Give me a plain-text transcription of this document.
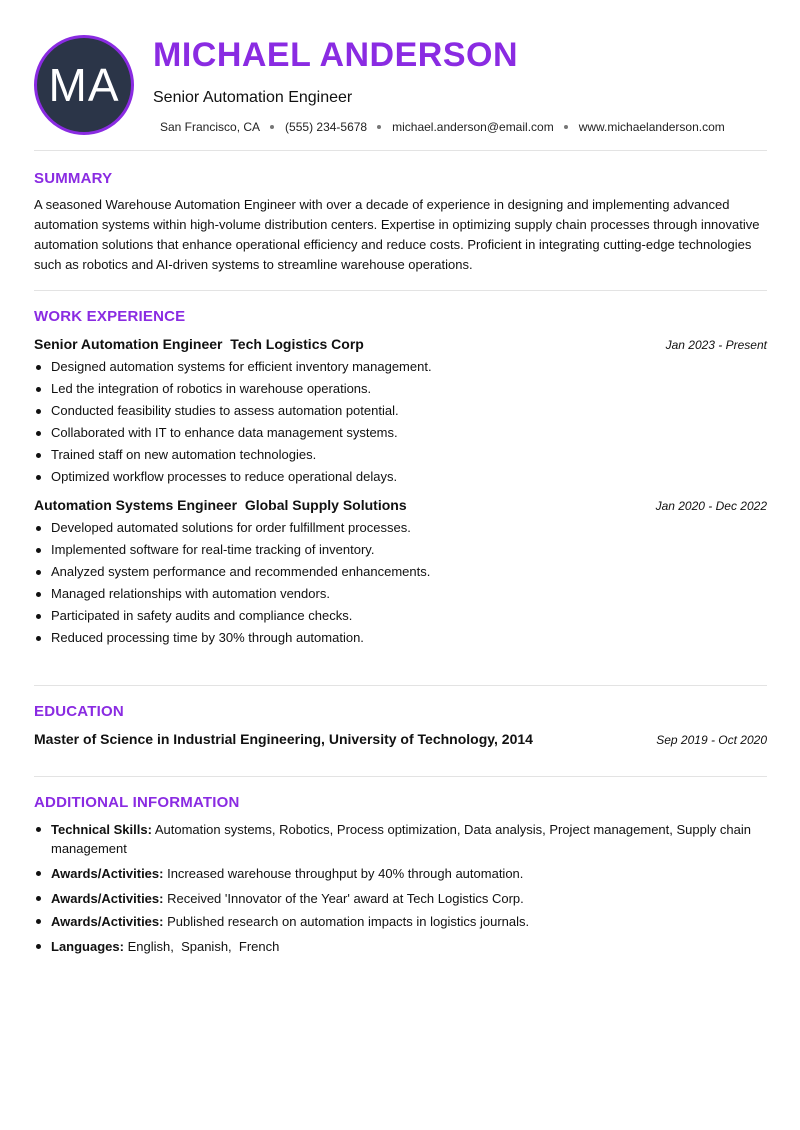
MA
MICHAEL ANDERSON
Senior Automation Engineer
San Francisco, CA (555) 234-5678 michael.anderson@email.com www.michaelanderson.com
SUMMARY
A seasoned Warehouse Automation Engineer with over a decade of experience in designing and implementing advanced automation systems within high-volume distribution centers. Expertise in optimizing supply chain processes through innovative automation solutions that enhance operational efficiency and reduce costs. Proficient in integrating cutting-edge technologies such as robotics and AI-driven systems to streamline warehouse operations.
WORK EXPERIENCE
Senior Automation Engineer Tech Logistics Corp	Jan 2023 - Present
Designed automation systems for efficient inventory management.
Led the integration of robotics in warehouse operations.
Conducted feasibility studies to assess automation potential.
Collaborated with IT to enhance data management systems.
Trained staff on new automation technologies.
Optimized workflow processes to reduce operational delays.
Automation Systems Engineer Global Supply Solutions	Jan 2020 - Dec 2022
Developed automated solutions for order fulfillment processes.
Implemented software for real-time tracking of inventory.
Analyzed system performance and recommended enhancements.
Managed relationships with automation vendors.
Participated in safety audits and compliance checks.
Reduced processing time by 30% through automation.
EDUCATION
Master of Science in Industrial Engineering, University of Technology, 2014	Sep 2019 - Oct 2020
ADDITIONAL INFORMATION
Technical Skills: Automation systems, Robotics, Process optimization, Data analysis, Project management, Supply chain management
Awards/Activities: Increased warehouse throughput by 40% through automation.
Awards/Activities: Received 'Innovator of the Year' award at Tech Logistics Corp.
Awards/Activities: Published research on automation impacts in logistics journals.
Languages: English,  Spanish,  French
